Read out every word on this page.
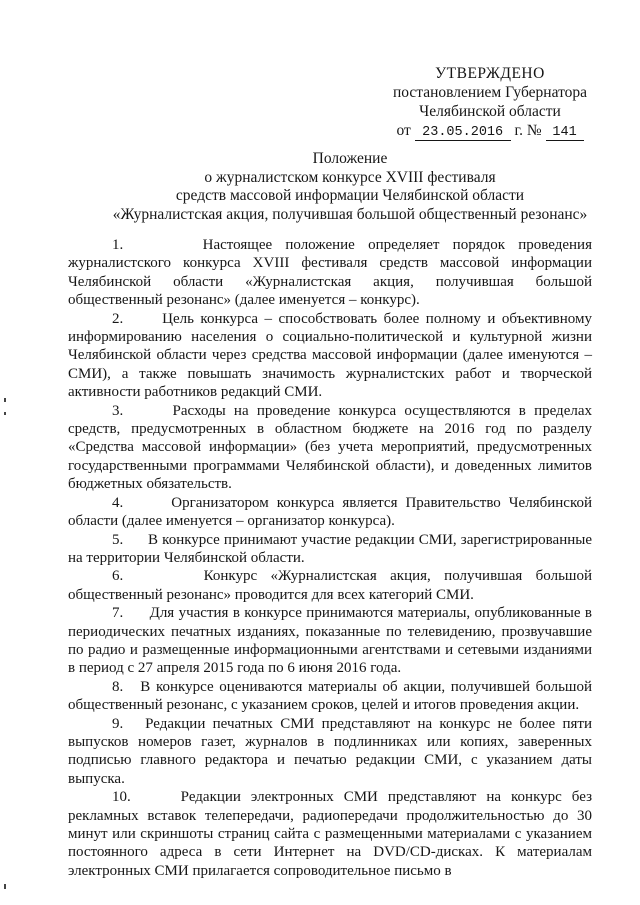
УТВЕРЖДЕНО
постановлением Губернатора
Челябинской области
от 23.05.2016 г. № 141
Положение
о журналистском конкурсе XVIII фестиваля
средств массовой информации Челябинской области
«Журналистская акция, получившая большой общественный резонанс»

1.      Настоящее положение определяет порядок проведения журналистского конкурса XVIII фестиваля средств массовой информации Челябинской области «Журналистская акция, получившая большой общественный резонанс» (далее именуется – конкурс).

2.      Цель конкурса – способствовать более полному и объективному информированию населения о социально-политической и культурной жизни Челябинской области через средства массовой информации (далее именуются – СМИ), а также повышать значимость журналистских работ и творческой активности работников редакций СМИ.

3.      Расходы на проведение конкурса осуществляются в пределах средств, предусмотренных в областном бюджете на 2016 год по разделу «Средства массовой информации» (без учета мероприятий, предусмотренных государственными программами Челябинской области), и доведенных лимитов бюджетных обязательств.

4.      Организатором конкурса является Правительство Челябинской области (далее именуется – организатор конкурса).

5.      В конкурсе принимают участие редакции СМИ, зарегистрированные на территории Челябинской области.

6.      Конкурс «Журналистская акция, получившая большой общественный резонанс» проводится для всех категорий СМИ.

7.      Для участия в конкурсе принимаются материалы, опубликованные в периодических печатных изданиях, показанные по телевидению, прозвучавшие по радио и размещенные информационными агентствами и сетевыми изданиями в период с 27 апреля 2015 года по 6 июня 2016 года.

8.   В конкурсе оцениваются материалы об акции, получившей большой общественный резонанс, с указанием сроков, целей и итогов проведения акции.

9.   Редакции печатных СМИ представляют на конкурс не более пяти выпусков номеров газет, журналов в подлинниках или копиях, заверенных подписью главного редактора и печатью редакции СМИ, с указанием даты выпуска.

10.     Редакции электронных СМИ представляют на конкурс без рекламных вставок телепередачи, радиопередачи продолжительностью до 30 минут или скриншоты страниц сайта с размещенными материалами с указанием постоянного адреса в сети Интернет на DVD/CD-дисках. К материалам электронных СМИ прилагается сопроводительное письмо в
